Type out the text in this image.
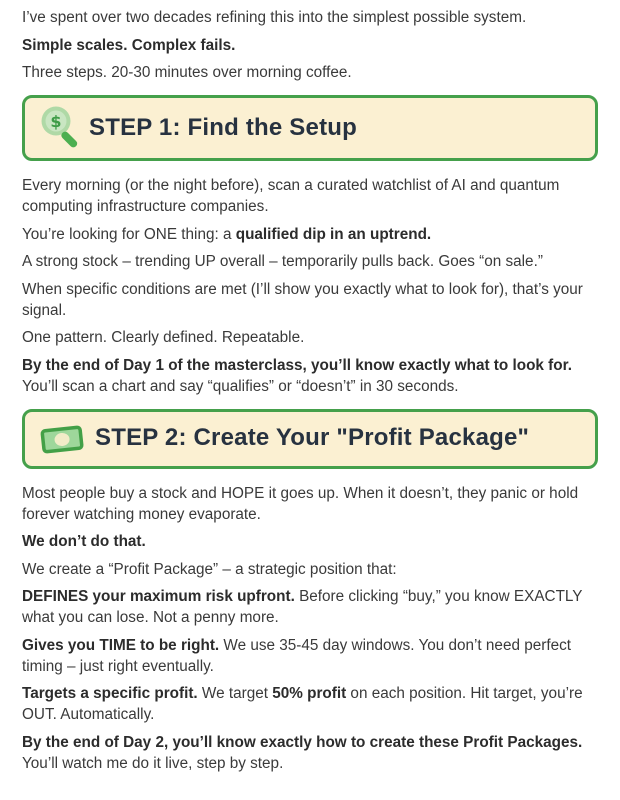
I’ve spent over two decades refining this into the simplest possible system.

Simple scales. Complex fails.

Three steps. 20-30 minutes over morning coffee.

$ STEP 1: Find the Setup

Every morning (or the night before), scan a curated watchlist of AI and quantum computing infrastructure companies.

You’re looking for ONE thing: a qualified dip in an uptrend.

A strong stock – trending UP overall – temporarily pulls back. Goes “on sale.”

When specific conditions are met (I’ll show you exactly what to look for), that’s your signal.

One pattern. Clearly defined. Repeatable.

By the end of Day 1 of the masterclass, you’ll know exactly what to look for. You’ll scan a chart and say “qualifies” or “doesn’t” in 30 seconds.

STEP 2: Create Your "Profit Package"

Most people buy a stock and HOPE it goes up. When it doesn’t, they panic or hold forever watching money evaporate.

We don’t do that.

We create a “Profit Package” – a strategic position that:

DEFINES your maximum risk upfront. Before clicking “buy,” you know EXACTLY what you can lose. Not a penny more.

Gives you TIME to be right. We use 35-45 day windows. You don’t need perfect timing – just right eventually.

Targets a specific profit. We target 50% profit on each position. Hit target, you’re OUT. Automatically.

By the end of Day 2, you’ll know exactly how to create these Profit Packages. You’ll watch me do it live, step by step.
